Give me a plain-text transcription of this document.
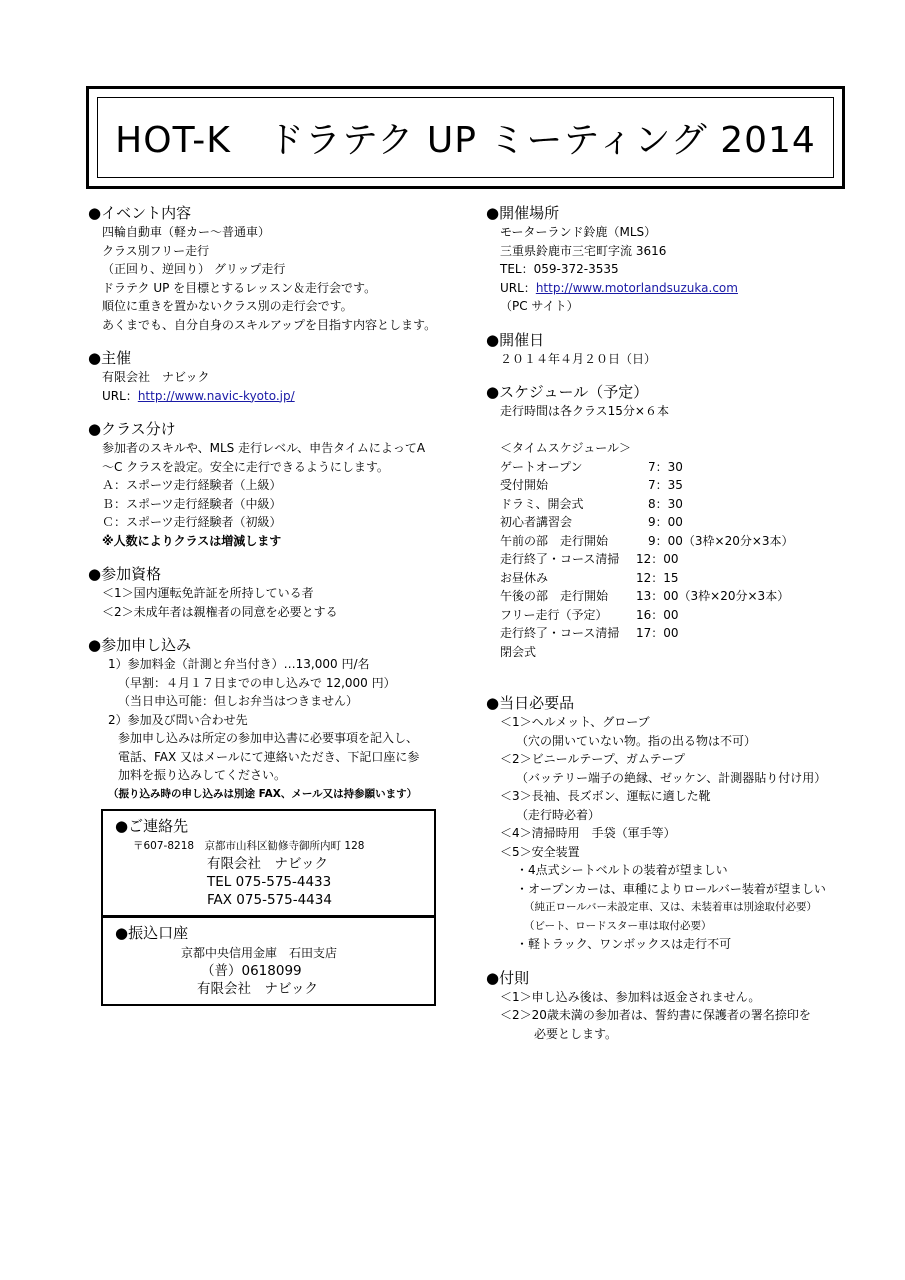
HOT-K　ドラテク UP ミーティング 2014

●イベント内容

四輪自動車（軽カー～普通車）

クラス別フリー走行

（正回り、逆回り） グリップ走行

ドラテク UP を目標とするレッスン＆走行会です。

順位に重きを置かないクラス別の走行会です。

あくまでも、自分自身のスキルアップを目指す内容とします。

●主催

有限会社　ナビック

URL：http://www.navic-kyoto.jp/

●クラス分け

参加者のスキルや、MLS 走行レベル、申告タイムによってA

～C クラスを設定。安全に走行できるようにします。

Ａ：スポーツ走行経験者（上級）

Ｂ：スポーツ走行経験者（中級）

Ｃ：スポーツ走行経験者（初級）

※人数によりクラスは増減します

●参加資格

＜1＞国内運転免許証を所持している者

＜2＞未成年者は親権者の同意を必要とする

●参加申し込み

1）参加料金（計測と弁当付き）…13,000 円/名

（早割：４月１７日までの申し込みで 12,000 円）

（当日申込可能：但しお弁当はつきません）

2）参加及び問い合わせ先

参加申し込みは所定の参加申込書に必要事項を記入し、

電話、FAX 又はメールにて連絡いただき、下記口座に参

加料を振り込みしてください。

（振り込み時の申し込みは別途 FAX、メール又は持参願います）

●ご連絡先
〒607-8218　京都市山科区勧修寺御所内町 128
有限会社　ナビック
TEL 075-575-4433
FAX 075-575-4434
●振込口座
京都中央信用金庫　石田支店
（普）0618099
有限会社　ナビック

●開催場所

モーターランド鈴鹿（MLS）

三重県鈴鹿市三宅町字流 3616

TEL：059-372-3535

URL：http://www.motorlandsuzuka.com

（PC サイト）

●開催日

２０１４年４月２０日（日）

●スケジュール（予定）

走行時間は各クラス15分×６本

＜タイムスケジュール＞

ゲートオープン	　7：30
受付開始	　7：35
ドラミ、開会式	　8：30
初心者講習会	　9：00
午前の部　走行開始	　9：00（3枠×20分×3本）
走行終了・コース清掃	12：00
お昼休み	12：15
午後の部　走行開始	13：00（3枠×20分×3本）
フリー走行（予定）	16：00
走行終了・コース清掃	17：00
閉会式

●当日必要品

＜1＞ヘルメット、グローブ

（穴の開いていない物。指の出る物は不可）

＜2＞ビニールテープ、ガムテープ

（バッテリー端子の絶縁、ゼッケン、計測器貼り付け用）

＜3＞長袖、長ズボン、運転に適した靴

（走行時必着）

＜4＞清掃時用　手袋（軍手等）

＜5＞安全装置

・4点式シートベルトの装着が望ましい

・オープンカーは、車種によりロールバー装着が望ましい

（純正ロールバー未設定車、又は、未装着車は別途取付必要）

（ビート、ロードスター車は取付必要）

・軽トラック、ワンボックスは走行不可

●付則

＜1＞申し込み後は、参加料は返金されません。

＜2＞20歳未満の参加者は、誓約書に保護者の署名捺印を

必要とします。
